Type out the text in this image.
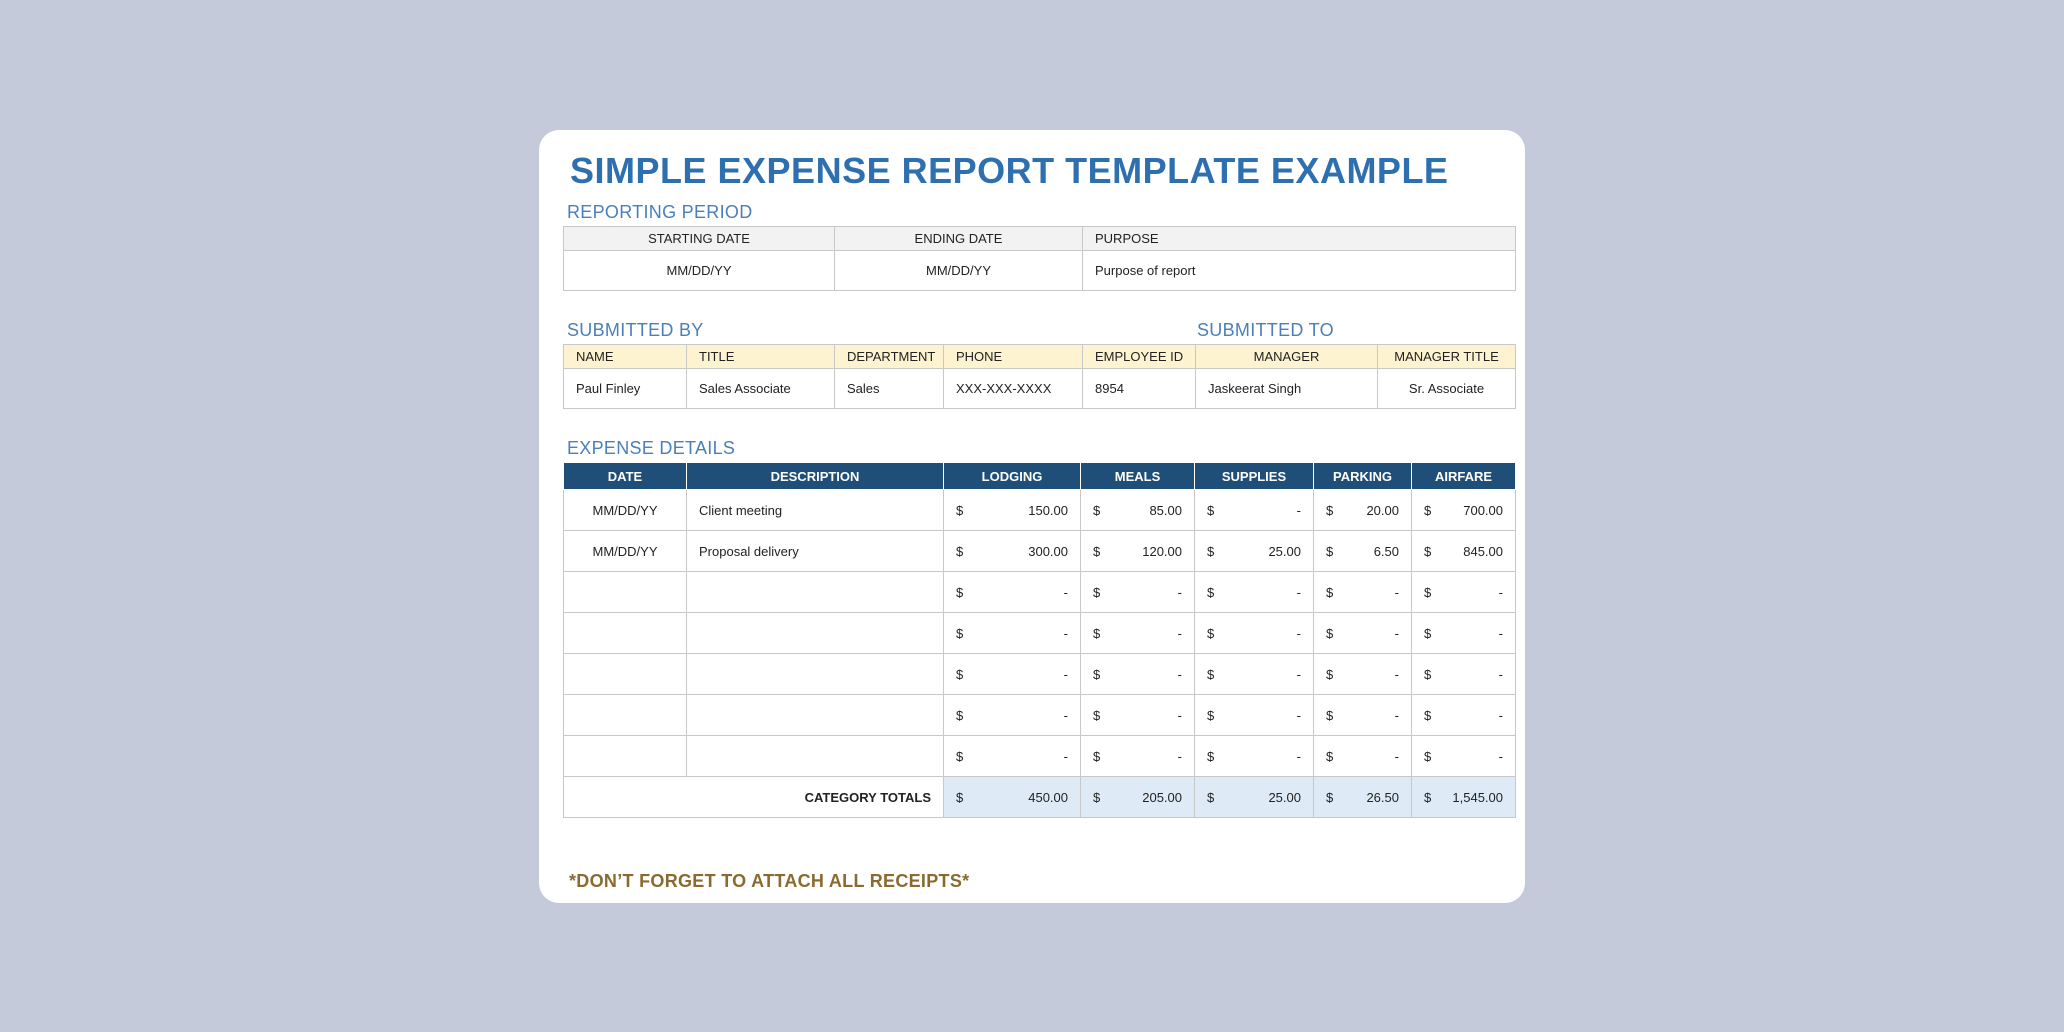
SIMPLE EXPENSE REPORT TEMPLATE EXAMPLE
REPORTING PERIOD
STARTING DATE	ENDING DATE	PURPOSE
MM/DD/YY	MM/DD/YY	Purpose of report
SUBMITTED BY	SUBMITTED TO
NAME	TITLE	DEPARTMENT	PHONE	EMPLOYEE ID	MANAGER	MANAGER TITLE
Paul Finley	Sales Associate	Sales	XXX-XXX-XXXX	8954	Jaskeerat Singh	Sr. Associate
EXPENSE DETAILS
DATE	DESCRIPTION	LODGING	MEALS	SUPPLIES	PARKING	AIRFARE
MM/DD/YY	Client meeting	$ 150.00	$ 85.00	$ -	$ 20.00	$ 700.00

MM/DD/YY	Proposal delivery	$ 300.00	$ 120.00	$ 25.00	$ 6.50	$ 845.00

		$ -	$ -	$ -	$ -	$ -

		$ -	$ -	$ -	$ -	$ -

		$ -	$ -	$ -	$ -	$ -

		$ -	$ -	$ -	$ -	$ -

		$ -	$ -	$ -	$ -	$ -

CATEGORY TOTALS		$ 450.00	$ 205.00	$ 25.00	$ 26.50	$ 1,545.00
*DON’T FORGET TO ATTACH ALL RECEIPTS*
